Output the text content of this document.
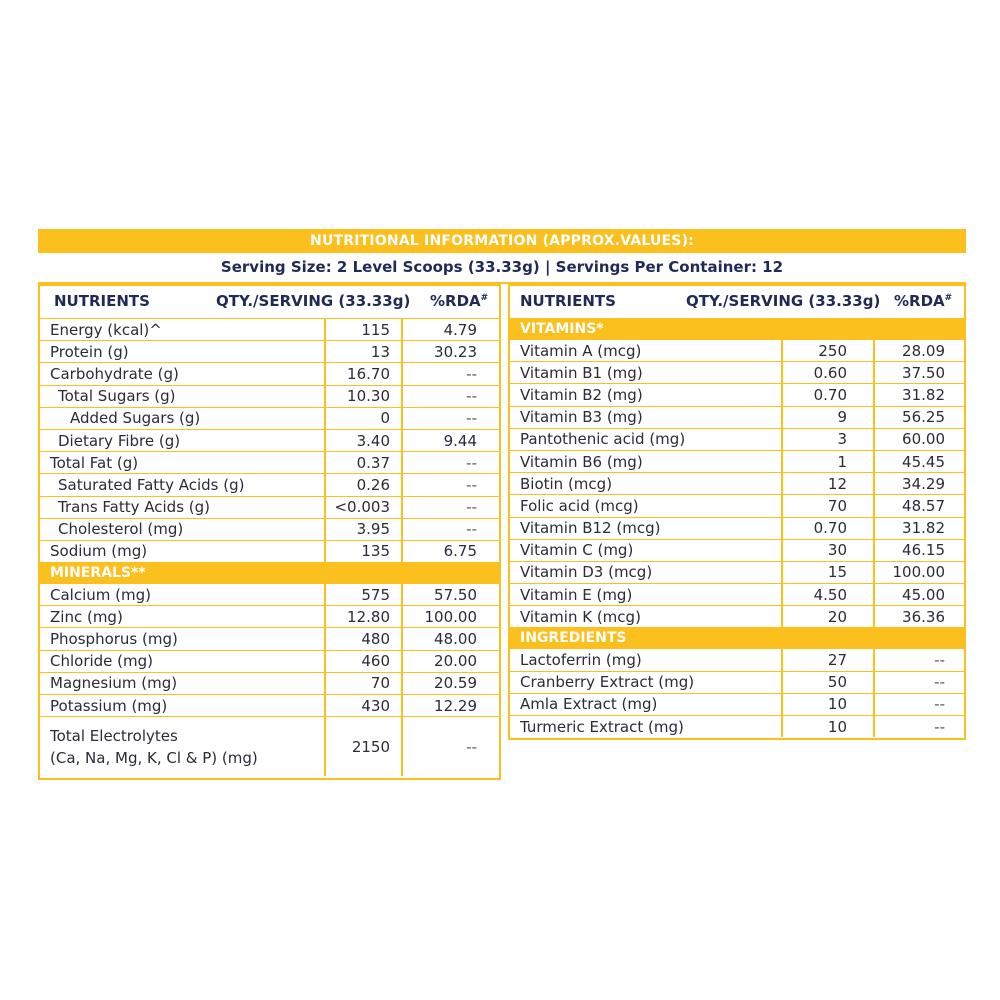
NUTRITIONAL INFORMATION (APPROX.VALUES):
Serving Size: 2 Level Scoops (33.33g) | Servings Per Container: 12
NUTRIENTS	QTY./SERVING (33.33g) %RDA#
Energy (kcal)^	115	4.79
Protein (g)	13	30.23
Carbohydrate (g)	16.70	--
Total Sugars (g)	10.30	--
Added Sugars (g)	0	--
Dietary Fibre (g)	3.40	9.44
Total Fat (g)	0.37	--
Saturated Fatty Acids (g)	0.26	--
Trans Fatty Acids (g)	<0.003	--
Cholesterol (mg)	3.95	--
Sodium (mg)	135	6.75
MINERALS**
Calcium (mg)	575	57.50
Zinc (mg)	12.80	100.00
Phosphorus (mg)	480	48.00
Chloride (mg)	460	20.00
Magnesium (mg)	70	20.59
Potassium (mg)	430	12.29
Total Electrolytes
(Ca, Na, Mg, K, Cl & P) (mg)
2150	--
NUTRIENTS	QTY./SERVING (33.33g) %RDA#
VITAMINS*
Vitamin A (mcg)	250	28.09
Vitamin B1 (mg)	0.60	37.50
Vitamin B2 (mg)	0.70	31.82
Vitamin B3 (mg)	9	56.25
Pantothenic acid (mg)	3	60.00
Vitamin B6 (mg)	1	45.45
Biotin (mcg)	12	34.29
Folic acid (mcg)	70	48.57
Vitamin B12 (mcg)	0.70	31.82
Vitamin C (mg)	30	46.15
Vitamin D3 (mcg)	15	100.00
Vitamin E (mg)	4.50	45.00
Vitamin K (mcg)	20	36.36
INGREDIENTS
Lactoferrin (mg)	27	--
Cranberry Extract (mg)	50	--
Amla Extract (mg)	10	--
Turmeric Extract (mg)	10	--
